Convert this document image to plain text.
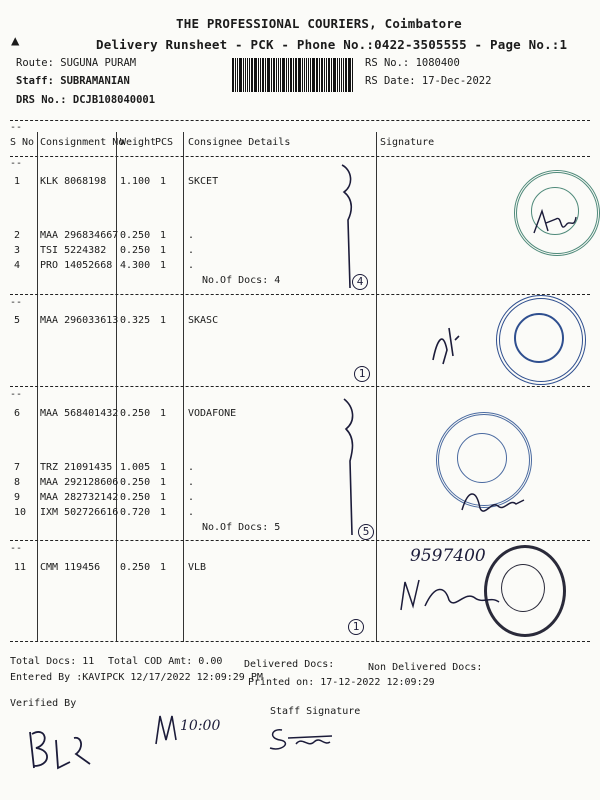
THE PROFESSIONAL COURIERS, Coimbatore
Delivery Runsheet - PCK - Phone No.:0422-3505555 - Page No.:1
▲
Route: SUGUNA PURAM
Staff: SUBRAMANIAN
DRS No.: DCJB108040001
RS No.: 1080400
RS Date: 17-Dec-2022
--
S No Consignment No
Weight
PCS Consignee Details	Signature
1 KLK 8068198 1.100 1 SKCET
2 MAA 296834667 0.250 1 .
3 TSI 5224382 0.250 1 .
4 PRO 14052668 4.300 1 .
5 MAA 296033613 0.325 1 SKASC
6 MAA 568401432 0.250 1 VODAFONE
7 TRZ 21091435 1.005 1 .
8 MAA 292128606 0.250 1 .
9 MAA 282732142 0.250 1 .
10 IXM 502726616 0.720 1 .
11 CMM 119456 0.250 1 VLB
--
--
--
--
No.Of Docs: 4
No.Of Docs: 5
4
1
5
1
9597400
Total Docs: 11 Total COD Amt: 0.00 Delivered Docs:	Non Delivered Docs:
Entered By :KAVIPCK 12/17/2022 12:09:29 PM
Printed on: 17-12-2022 12:09:29
Verified By
Staff Signature
10:00
